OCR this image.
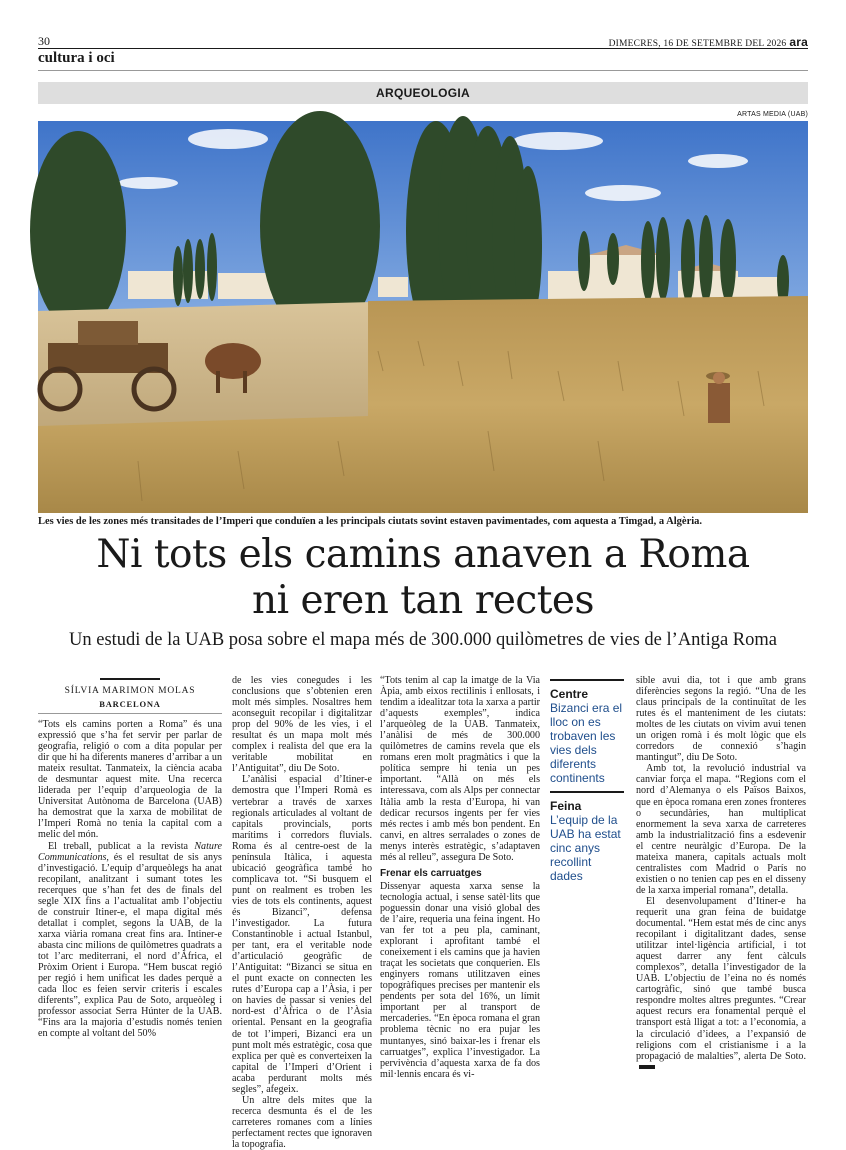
30	DIMECRES, 16 DE SETEMBRE DEL 2026 ara
cultura i oci
ARQUEOLOGIA
ARTAS MEDIA (UAB)
Les vies de les zones més transitades de l’Imperi que conduïen a les principals ciutats sovint estaven pavimentades, com aquesta a Timgad, a Algèria.
Ni tots els camins anaven a Roma
ni eren tan rectes
Un estudi de la UAB posa sobre el mapa més de 300.000 quilòmetres de vies de l’Antiga Roma
SÍLVIA MARIMON MOLAS
BARCELONA

“Tots els camins porten a Roma” és una expressió que s’ha fet servir per parlar de geografia, religió o com a dita popular per dir que hi ha diferents maneres d’arribar a un mateix resultat. Tanmateix, la ciència acaba de desmuntar aquest mite. Una recerca liderada per l’equip d’arqueologia de la Universitat Autònoma de Barcelona (UAB) ha demostrat que la xarxa de mobilitat de l’Imperi Romà no tenia la capital com a melic del món.

El treball, publicat a la revista Nature Communications, és el resultat de sis anys d’investigació. L’equip d’arqueòlegs ha anat recopilant, analitzant i sumant totes les recerques que s’han fet des de finals del segle XIX fins a l’actualitat amb l’objectiu de construir Itiner-e, el mapa digital més detallat i complet, segons la UAB, de la xarxa viària romana creat fins ara. Intiner-e abasta cinc milions de quilòmetres quadrats a tot l’arc mediterrani, el nord d’Àfrica, el Pròxim Orient i Europa. “Hem buscat regió per regió i hem unificat les dades perquè a cada lloc es feien servir criteris i escales diferents”, explica Pau de Soto, arqueòleg i professor associat Serra Húnter de la UAB. “Fins ara la majoria d’estudis només tenien en compte al voltant del 50%

de les vies conegudes i les conclusions que s’obtenien eren molt més simples. Nosaltres hem aconseguit recopilar i digitalitzar prop del 90% de les vies, i el resultat és un mapa molt més complex i realista del que era la veritable mobilitat en l’Antiguitat”, diu De Soto.

L’anàlisi espacial d’Itiner-e demostra que l’Imperi Romà es vertebrar a través de xarxes regionals articulades al voltant de capitals provincials, ports marítims i corredors fluvials. Roma és al centre-oest de la península Itàlica, i aquesta ubicació geogràfica també ho complicava tot. “Si busquem el punt on realment es troben les vies de tots els continents, aquest és Bizanci”, defensa l’investigador. La futura Constantinoble i actual Istanbul, per tant, era el veritable node d’articulació geogràfic de l’Antiguitat: “Bizanci se situa en el punt exacte on connecten les rutes d’Europa cap a l’Àsia, i per on havies de passar si venies del nord-est d’Àfrica o de l’Àsia oriental. Pensant en la geografia de tot l’imperi, Bizanci era un punt molt més estratègic, cosa que explica per què es converteixen la capital de l’Imperi d’Orient i acaba perdurant molts més segles”, afegeix.

Un altre dels mites que la recerca desmunta és el de les carreteres romanes com a línies perfectament rectes que ignoraven la topografia.

“Tots tenim al cap la imatge de la Via Àpia, amb eixos rectilinis i enllosats, i tendim a idealitzar tota la xarxa a partir d’aquests exemples”, indica l’arqueòleg de la UAB. Tanmateix, l’anàlisi de més de 300.000 quilòmetres de camins revela que els romans eren molt pragmàtics i que la política sempre hi tenia un pes important. “Allà on més els interessava, com als Alps per connectar Itàlia amb la resta d’Europa, hi van dedicar recursos ingents per fer vies més rectes i amb més bon pendent. En canvi, en altres serralades o zones de menys interès estratègic, s’adaptaven més al relleu”, assegura De Soto.

Frenar els carruatges

Dissenyar aquesta xarxa sense la tecnologia actual, i sense satèl·lits que poguessin donar una visió global des de l’aire, requeria una feina ingent. Ho van fer tot a peu pla, caminant, explorant i aprofitant també el coneixement i els camins que ja havien traçat les societats que conquerien. Els enginyers romans utilitzaven eines topogràfiques precises per mantenir els pendents per sota del 16%, un límit important per al transport de mercaderies. “En època romana el gran problema tècnic no era pujar les muntanyes, sinó baixar-les i frenar els carruatges”, explica l’investigador. La pervivència d’aquesta xarxa de fa dos mil·lennis encara és vi-

Centre
Bizanci era el lloc on es trobaven les vies dels diferents continents
Feina
L’equip de la UAB ha estat cinc anys recollint dades

sible avui dia, tot i que amb grans diferències segons la regió. “Una de les claus principals de la continuïtat de les rutes és el manteniment de les ciutats: moltes de les ciutats on vivim avui tenen un origen romà i és molt lògic que els corredors de connexió s’hagin mantingut”, diu De Soto.

Amb tot, la revolució industrial va canviar força el mapa. “Regions com el nord d’Alemanya o els Països Baixos, que en època romana eren zones fronteres o secundàries, han multiplicat enormement la seva xarxa de carreteres amb la industrialització fins a esdevenir el centre neuràlgic d’Europa. De la mateixa manera, capitals actuals molt centralistes com Madrid o París no existien o no tenien cap pes en el disseny de la xarxa imperial romana”, detalla.

El desenvolupament d’Itiner-e ha requerit una gran feina de buidatge documental. “Hem estat més de cinc anys recopilant i digitalitzant dades, sense utilitzar intel·ligència artificial, i tot aquest darrer any fent càlculs complexos”, detalla l’investigador de la UAB. L’objectiu de l’eina no és només cartogràfic, sinó que també busca respondre moltes altres preguntes. “Crear aquest recurs era fonamental perquè el transport està lligat a tot: a l’economia, a la circulació d’idees, a l’expansió de religions com el cristianisme i a la propagació de malalties”, alerta De Soto.
